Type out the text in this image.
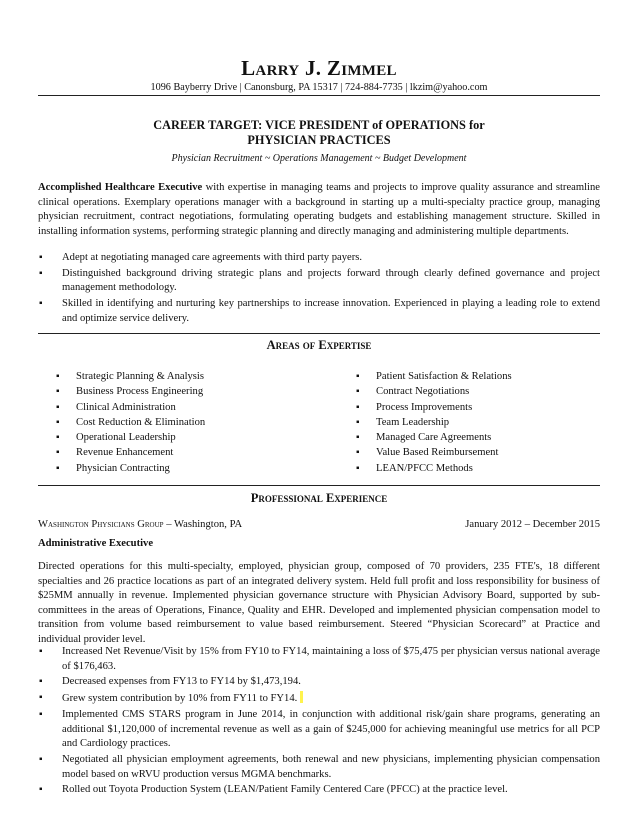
Larry J. Zimmel
1096 Bayberry Drive | Canonsburg, PA 15317 | 724-884-7735 | lkzim@yahoo.com
CAREER TARGET: VICE PRESIDENT of OPERATIONS for
PHYSICIAN PRACTICES
Physician Recruitment ~ Operations Management ~ Budget Development
Accomplished Healthcare Executive with expertise in managing teams and projects to improve quality assurance and streamline clinical operations. Exemplary operations manager with a background in starting up a multi-specialty practice group, managing physician recruitment, contract negotiations, formulating operating budgets and establishing management structure. Skilled in installing information systems, performing strategic planning and directly managing and administering multiple departments.
▪ Adept at negotiating managed care agreements with third party payers.
▪ Distinguished background driving strategic plans and projects forward through clearly defined governance and project management methodology.
▪ Skilled in identifying and nurturing key partnerships to increase innovation. Experienced in playing a leading role to extend and optimize service delivery.
Areas of Expertise
▪ Strategic Planning & Analysis
▪ Business Process Engineering
▪ Clinical Administration
▪ Cost Reduction & Elimination
▪ Operational Leadership
▪ Revenue Enhancement
▪ Physician Contracting
▪ Patient Satisfaction & Relations
▪ Contract Negotiations
▪ Process Improvements
▪ Team Leadership
▪ Managed Care Agreements
▪ Value Based Reimbursement
▪ LEAN/PFCC Methods
Professional Experience
Washington Physicians Group – Washington, PA	January 2012 – December 2015
Administrative Executive
Directed operations for this multi-specialty, employed, physician group, composed of 70 providers, 235 FTE's, 18 different specialties and 26 practice locations as part of an integrated delivery system. Held full profit and loss responsibility for business of $25MM annually in revenue. Implemented physician governance structure with Physician Advisory Board, supported by sub-committees in the areas of Operations, Finance, Quality and EHR. Developed and implemented physician compensation model to transition from volume based reimbursement to value based reimbursement. Steered “Physician Scorecard” at Practice and individual provider level.
▪ Increased Net Revenue/Visit by 15% from FY10 to FY14, maintaining a loss of $75,475 per physician versus national average of $176,463.
▪ Decreased expenses from FY13 to FY14 by $1,473,194.
▪ Grew system contribution by 10% from FY11 to FY14.
▪ Implemented CMS STARS program in June 2014, in conjunction with additional risk/gain share programs, generating an additional $1,120,000 of incremental revenue as well as a gain of $245,000 for achieving meaningful use metrics for all PCP and Cardiology practices.
▪ Negotiated all physician employment agreements, both renewal and new physicians, implementing physician compensation model based on wRVU production versus MGMA benchmarks.
▪ Rolled out Toyota Production System (LEAN/Patient Family Centered Care (PFCC) at the practice level.
